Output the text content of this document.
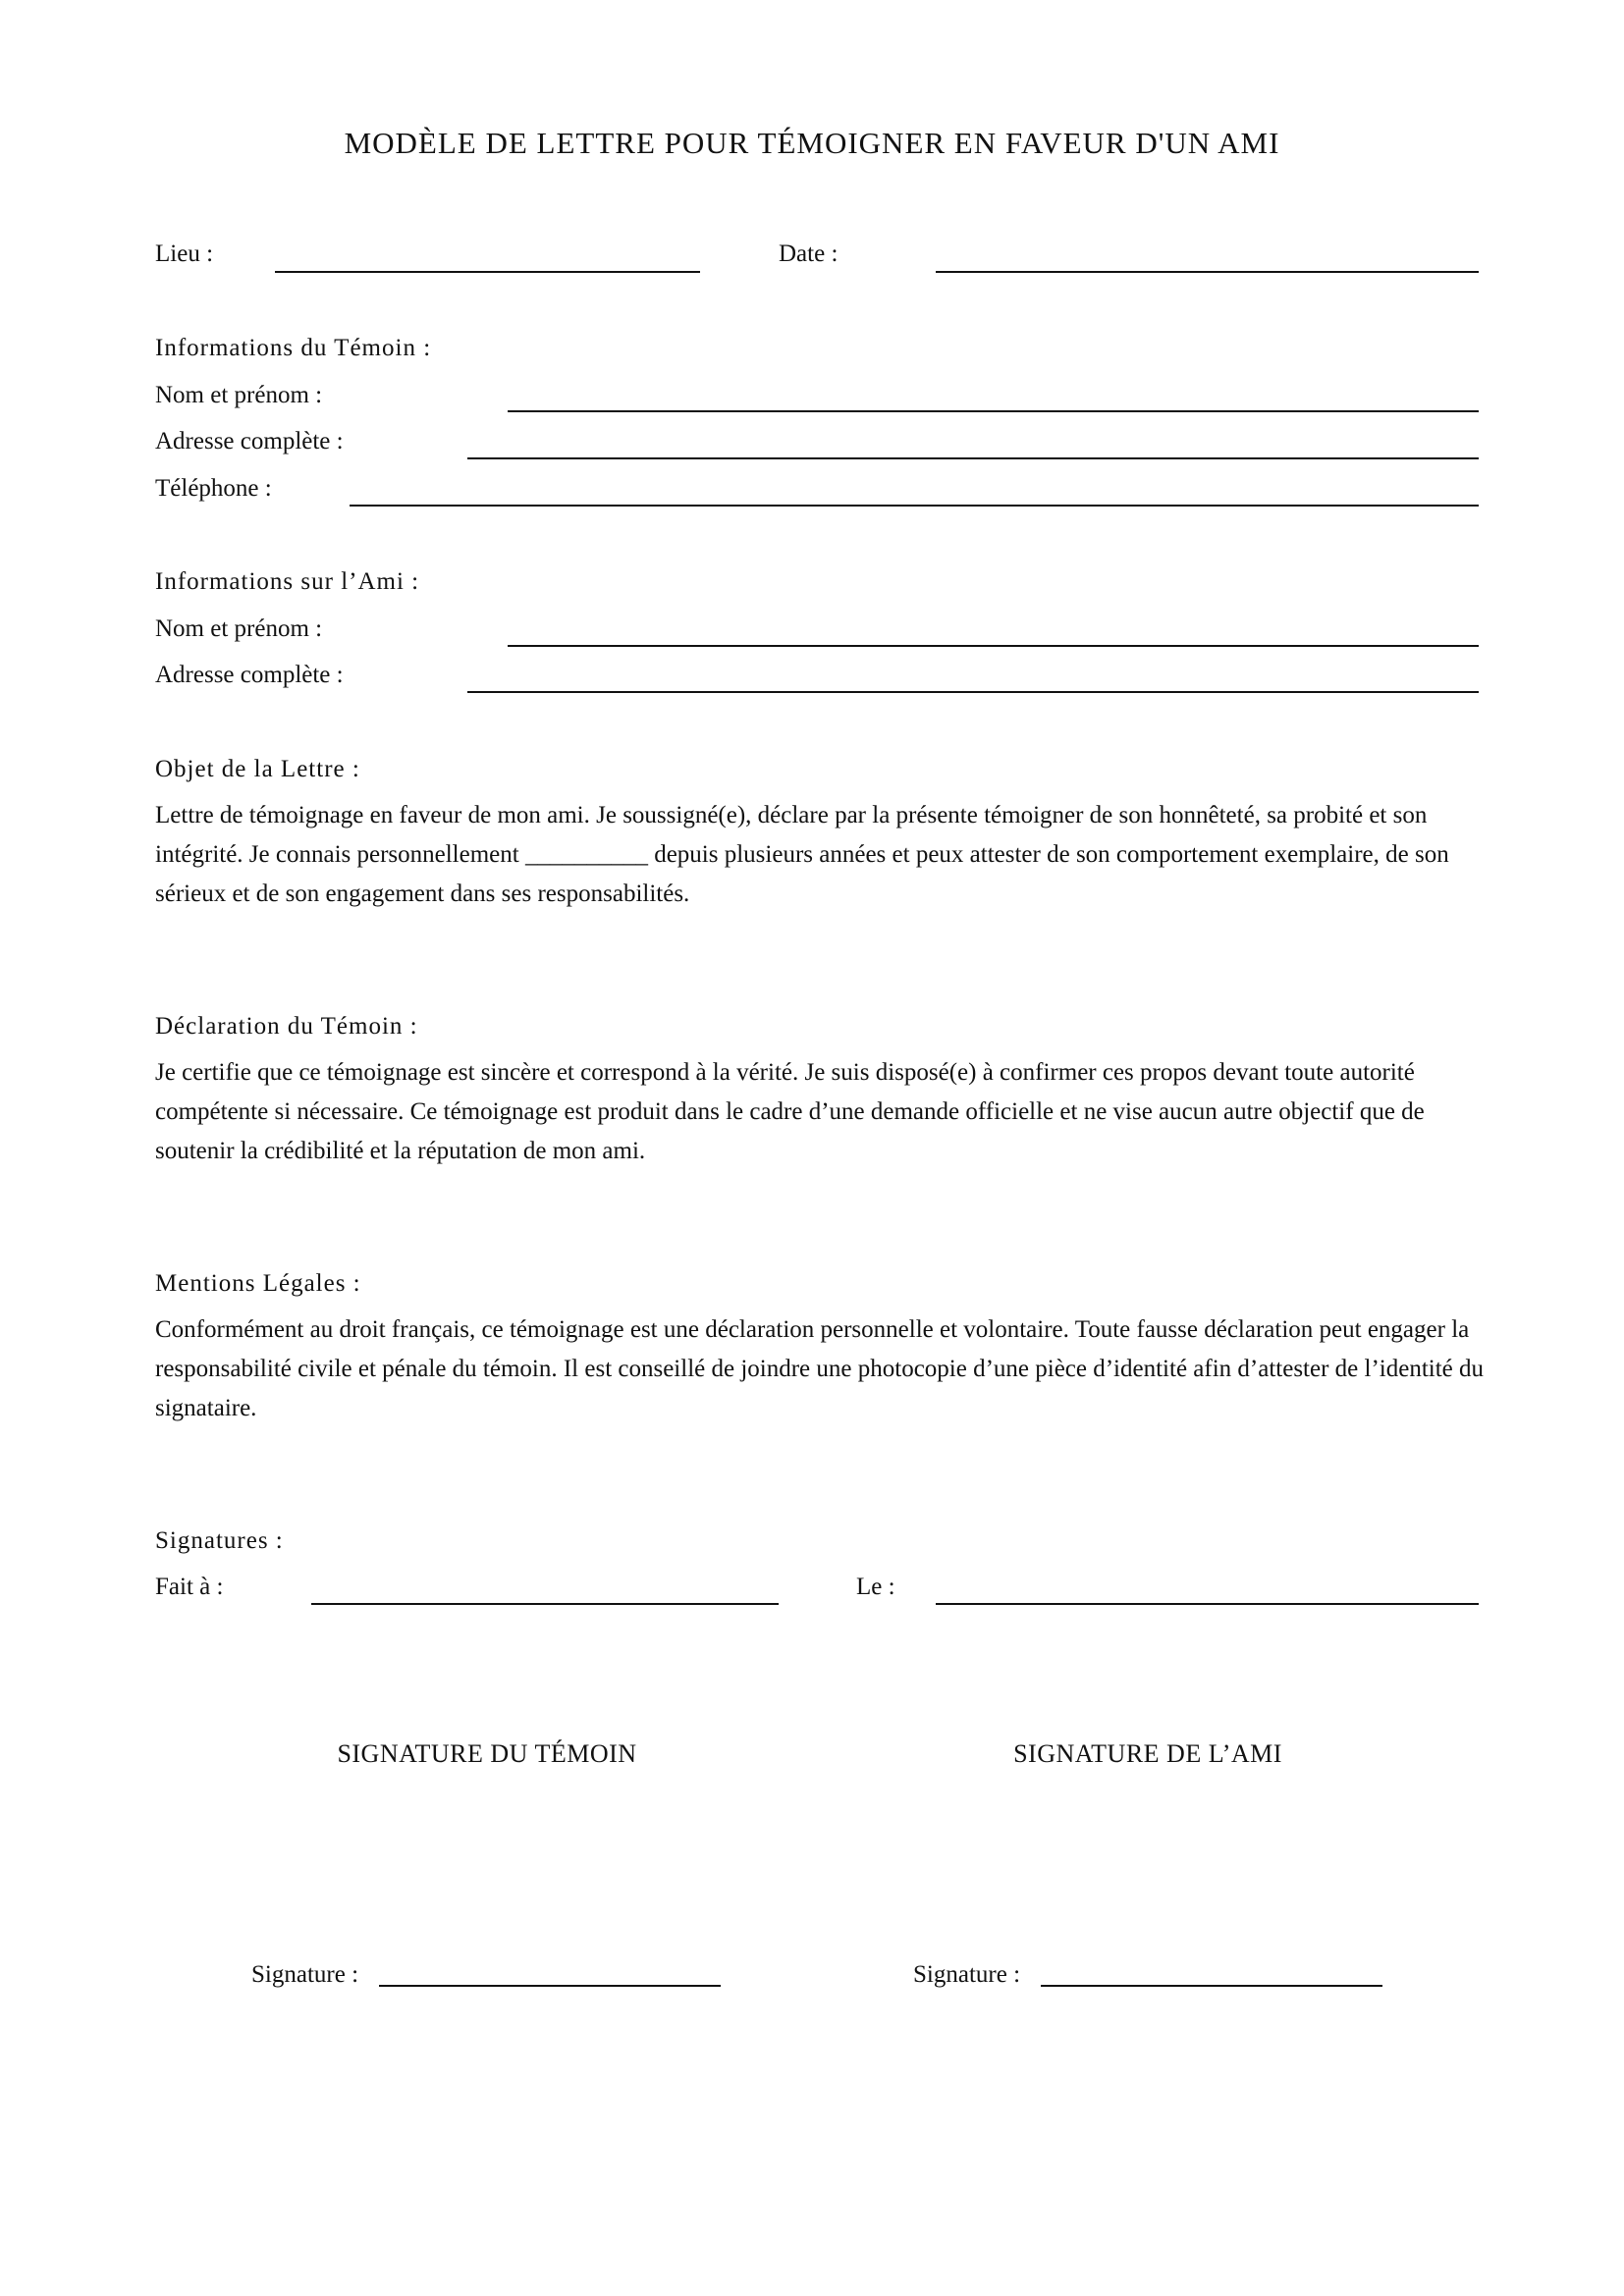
MODÈLE DE LETTRE POUR TÉMOIGNER EN FAVEUR D'UN AMI
Lieu :	Date :
Informations du Témoin :
Nom et prénom :
Adresse complète :
Téléphone :
Informations sur l’Ami :
Nom et prénom :
Adresse complète :
Objet de la Lettre :
Lettre de témoignage en faveur de mon ami. Je soussigné(e), déclare par la présente témoigner de son honnêteté, sa probité et son intégrité. Je connais personnellement __________ depuis plusieurs années et peux attester de son comportement exemplaire, de son sérieux et de son engagement dans ses responsabilités.
Déclaration du Témoin :
Je certifie que ce témoignage est sincère et correspond à la vérité. Je suis disposé(e) à confirmer ces propos devant toute autorité compétente si nécessaire. Ce témoignage est produit dans le cadre d’une demande officielle et ne vise aucun autre objectif que de soutenir la crédibilité et la réputation de mon ami.
Mentions Légales :
Conformément au droit français, ce témoignage est une déclaration personnelle et volontaire. Toute fausse déclaration peut engager la responsabilité civile et pénale du témoin. Il est conseillé de joindre une photocopie d’une pièce d’identité afin d’attester de l’identité du signataire.
Signatures :
Fait à :	Le :
SIGNATURE DU TÉMOIN	SIGNATURE DE L’AMI
Signature :	Signature :
